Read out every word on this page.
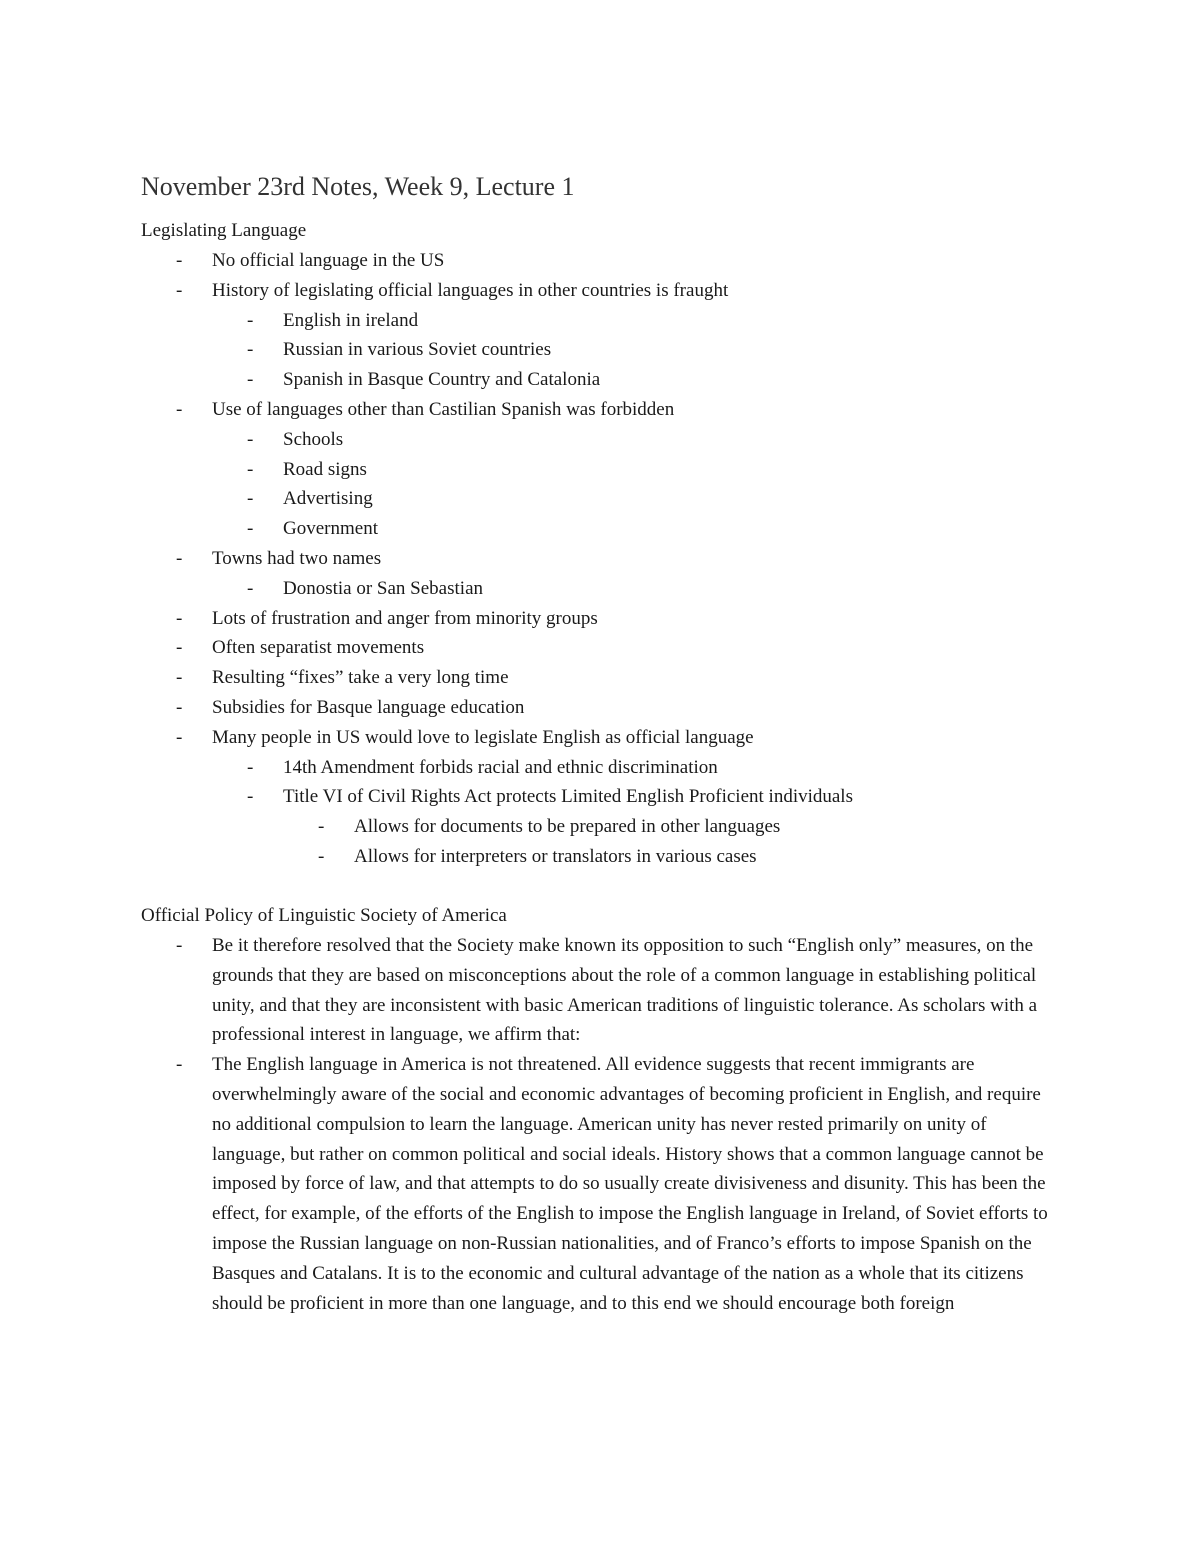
November 23rd Notes, Week 9, Lecture 1
Legislating Language
- No official language in the US
- History of legislating official languages in other countries is fraught
- English in ireland
- Russian in various Soviet countries
- Spanish in Basque Country and Catalonia
- Use of languages other than Castilian Spanish was forbidden
- Schools
- Road signs
- Advertising
- Government
- Towns had two names
- Donostia or San Sebastian
- Lots of frustration and anger from minority groups
- Often separatist movements
- Resulting “fixes” take a very long time
- Subsidies for Basque language education
- Many people in US would love to legislate English as official language
- 14th Amendment forbids racial and ethnic discrimination
- Title VI of Civil Rights Act protects Limited English Proficient individuals
- Allows for documents to be prepared in other languages
- Allows for interpreters or translators in various cases
Official Policy of Linguistic Society of America
- Be it therefore resolved that the Society make known its opposition to such “English only” measures, on the grounds that they are based on misconceptions about the role of a common language in establishing political unity, and that they are inconsistent with basic American traditions of linguistic tolerance. As scholars with a professional interest in language, we affirm that:

- The English language in America is not threatened. All evidence suggests that recent immigrants are overwhelmingly aware of the social and economic advantages of becoming proficient in English, and require no additional compulsion to learn the language. American unity has never rested primarily on unity of language, but rather on common political and social ideals. History shows that a common language cannot be imposed by force of law, and that attempts to do so usually create divisiveness and disunity. This has been the effect, for example, of the efforts of the English to impose the English language in Ireland, of Soviet efforts to impose the Russian language on non-Russian nationalities, and of Franco’s efforts to impose Spanish on the Basques and Catalans. It is to the economic and cultural advantage of the nation as a whole that its citizens should be proficient in more than one language, and to this end we should encourage both foreign
